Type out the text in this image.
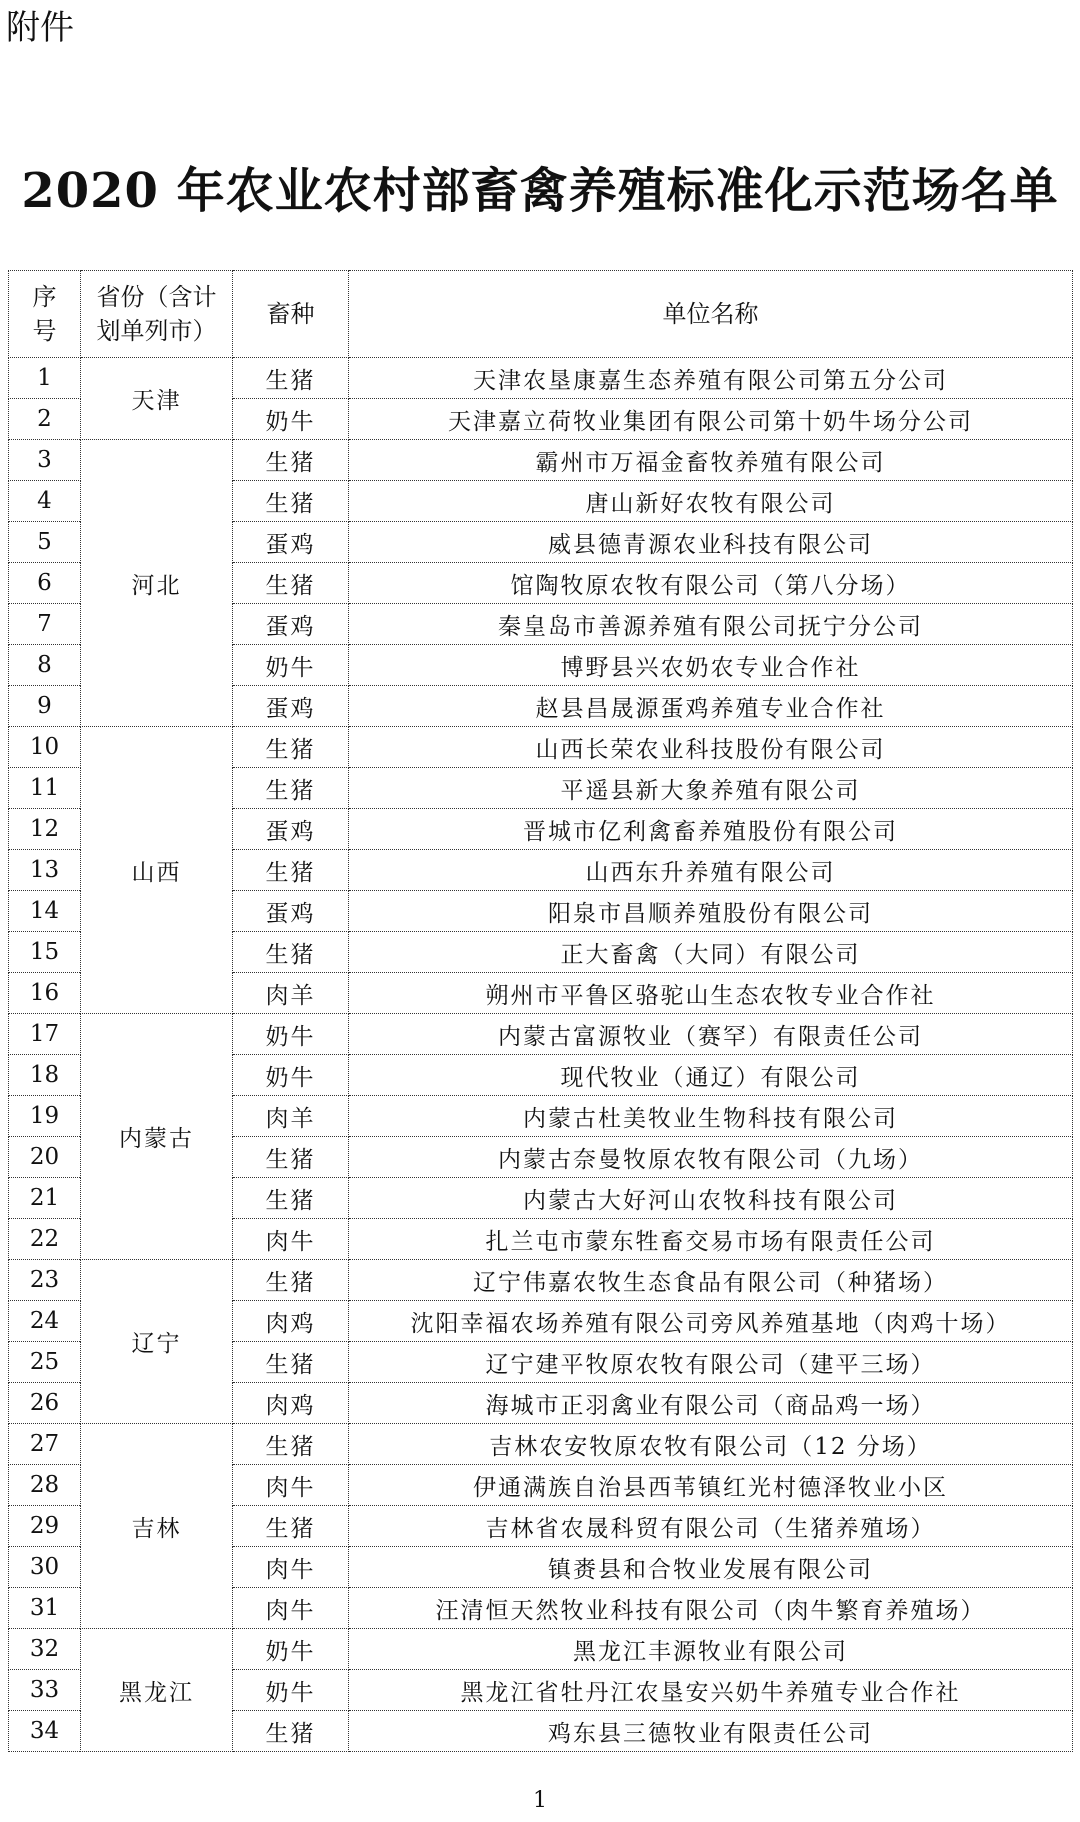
附件
2020 年农业农村部畜禽养殖标准化示范场名单
序号	省份（含计划单列市）	畜种	单位名称
1	天津	生猪	天津农垦康嘉生态养殖有限公司第五分公司
2		奶牛	天津嘉立荷牧业集团有限公司第十奶牛场分公司
3	河北	生猪	霸州市万福金畜牧养殖有限公司
4		生猪	唐山新好农牧有限公司
5		蛋鸡	威县德青源农业科技有限公司
6		生猪	馆陶牧原农牧有限公司（第八分场）
7		蛋鸡	秦皇岛市善源养殖有限公司抚宁分公司
8		奶牛	博野县兴农奶农专业合作社
9		蛋鸡	赵县昌晟源蛋鸡养殖专业合作社
10	山西	生猪	山西长荣农业科技股份有限公司
11		生猪	平遥县新大象养殖有限公司
12		蛋鸡	晋城市亿利禽畜养殖股份有限公司
13		生猪	山西东升养殖有限公司
14		蛋鸡	阳泉市昌顺养殖股份有限公司
15		生猪	正大畜禽（大同）有限公司
16		肉羊	朔州市平鲁区骆驼山生态农牧专业合作社
17	内蒙古	奶牛	内蒙古富源牧业（赛罕）有限责任公司
18		奶牛	现代牧业（通辽）有限公司
19		肉羊	内蒙古杜美牧业生物科技有限公司
20		生猪	内蒙古奈曼牧原农牧有限公司（九场）
21		生猪	内蒙古大好河山农牧科技有限公司
22		肉牛	扎兰屯市蒙东牲畜交易市场有限责任公司
23	辽宁	生猪	辽宁伟嘉农牧生态食品有限公司（种猪场）
24		肉鸡	沈阳幸福农场养殖有限公司旁风养殖基地（肉鸡十场）
25		生猪	辽宁建平牧原农牧有限公司（建平三场）
26		肉鸡	海城市正羽禽业有限公司（商品鸡一场）
27	吉林	生猪	吉林农安牧原农牧有限公司（12 分场）
28		肉牛	伊通满族自治县西苇镇红光村德泽牧业小区
29		生猪	吉林省农晟科贸有限公司（生猪养殖场）
30		肉牛	镇赉县和合牧业发展有限公司
31		肉牛	汪清恒天然牧业科技有限公司（肉牛繁育养殖场）
32	黑龙江	奶牛	黑龙江丰源牧业有限公司
33		奶牛	黑龙江省牡丹江农垦安兴奶牛养殖专业合作社
34		生猪	鸡东县三德牧业有限责任公司
1
